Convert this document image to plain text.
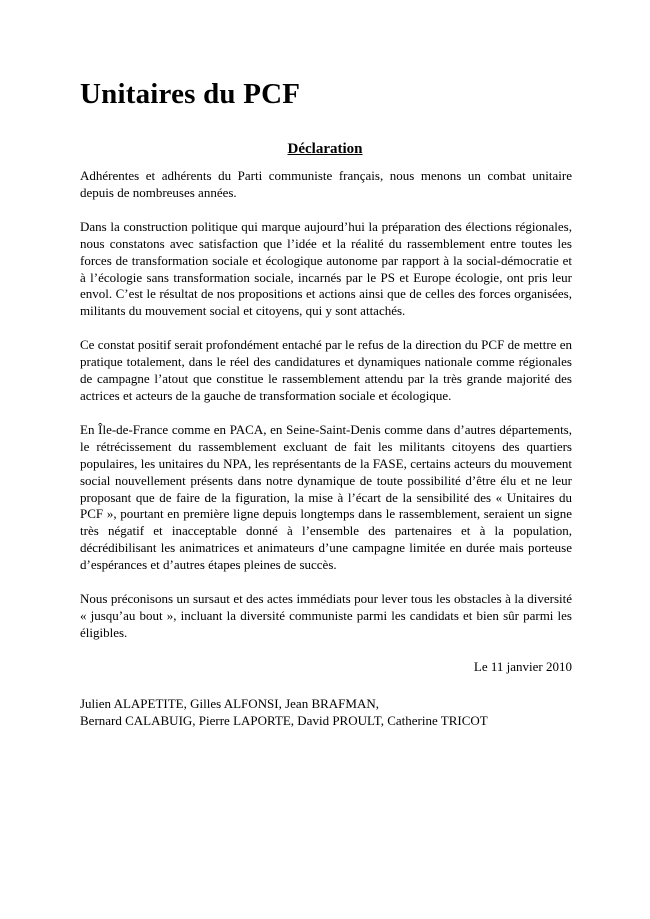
Unitaires du PCF
Déclaration

Adhérentes et adhérents du Parti communiste français, nous menons un combat unitaire depuis de nombreuses années.

Dans la construction politique qui marque aujourd’hui la préparation des élections régionales, nous constatons avec satisfaction que l’idée et la réalité du rassemblement entre toutes les forces de transformation sociale et écologique autonome par rapport à la social-démocratie et à l’écologie sans transformation sociale, incarnés par le PS et Europe écologie, ont pris leur envol. C’est le résultat de nos propositions et actions ainsi que de celles des forces organisées, militants du mouvement social et citoyens, qui y sont attachés.

Ce constat positif serait profondément entaché par le refus de la direction du PCF de mettre en pratique totalement, dans le réel des candidatures et dynamiques nationale comme régionales de campagne l’atout que constitue le rassemblement attendu par la très grande majorité des actrices et acteurs de la gauche de transformation sociale et écologique.

En Île-de-France comme en PACA, en Seine-Saint-Denis comme dans d’autres départements, le rétrécissement du rassemblement excluant de fait les militants citoyens des quartiers populaires, les unitaires du NPA, les représentants de la FASE, certains acteurs du mouvement social nouvellement présents dans notre dynamique de toute possibilité d’être élu et ne leur proposant que de faire de la figuration, la mise à l’écart de la sensibilité des « Unitaires du PCF », pourtant en première ligne depuis longtemps dans le rassemblement, seraient un signe très négatif et inacceptable donné à l’ensemble des partenaires et à la population, décrédibilisant les animatrices et animateurs d’une campagne limitée en durée mais porteuse d’espérances et d’autres étapes pleines de succès.

Nous préconisons un sursaut et des actes immédiats pour lever tous les obstacles à la diversité « jusqu’au bout », incluant la diversité communiste parmi les candidats et bien sûr parmi les éligibles.

Le 11 janvier 2010

Julien ALAPETITE, Gilles ALFONSI, Jean BRAFMAN,

Bernard CALABUIG, Pierre LAPORTE, David PROULT, Catherine TRICOT
